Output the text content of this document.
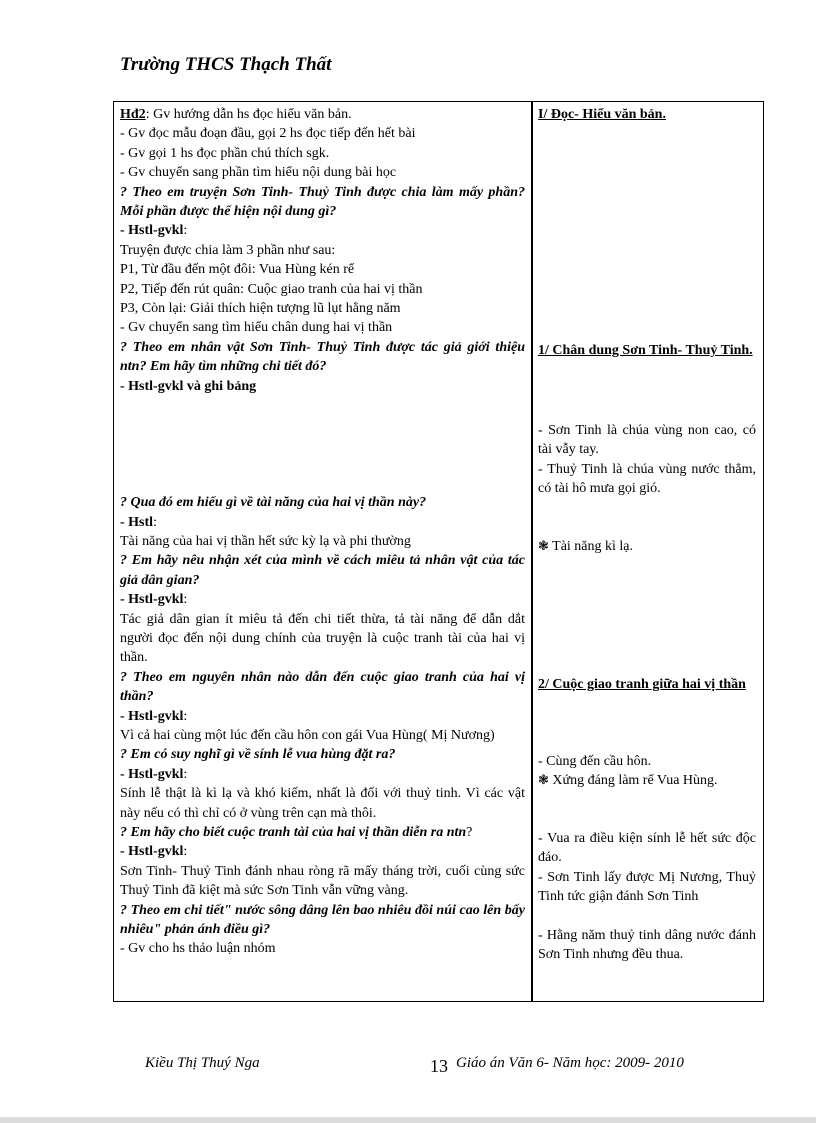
Trường THCS Thạch Thất
Hđ2: Gv hướng dẫn hs đọc hiểu văn bản.
- Gv đọc mẫu đoạn đầu, gọi 2 hs đọc tiếp đến hết bài
- Gv gọi 1 hs đọc phần chú thích sgk.
- Gv chuyển sang phần tìm hiểu nội dung bài học
? Theo em truyện Sơn Tinh- Thuỷ Tinh được chia làm mấy phần? Mỗi phần được thể hiện nội dung gì?
- Hstl-gvkl:
Truyện được chia làm 3 phần như sau:
P1, Từ đầu đến một đôi: Vua Hùng kén rể
P2, Tiếp đến rút quân: Cuộc giao tranh của hai vị thần
P3, Còn lại: Giải thích hiện tượng lũ lụt hằng năm
- Gv chuyển sang tìm hiểu chân dung hai vị thần
? Theo em nhân vật Sơn Tinh- Thuỷ Tinh được tác giả giới thiệu ntn? Em hãy tìm những chi tiết đó?
- Hstl-gvkl và ghi bảng
? Qua đó em hiểu gì về tài năng của hai vị thần này?
- Hstl:
Tài năng của hai vị thần hết sức kỳ lạ và phi thường
? Em hãy nêu nhận xét của mình về cách miêu tả nhân vật của tác giả dân gian?
- Hstl-gvkl:
Tác giả dân gian ít miêu tả đến chi tiết thừa, tả tài năng để dẫn dắt người đọc đến nội dung chính của truyện là cuộc tranh tài của hai vị thần.
? Theo em nguyên nhân nào dẫn đến cuộc giao tranh của hai vị thần?
- Hstl-gvkl:
Vì cả hai cùng một lúc đến cầu hôn con gái Vua Hùng( Mị Nương)
? Em có suy nghĩ gì về sính lễ vua hùng đặt ra?
- Hstl-gvkl:
Sính lễ thật là kì lạ và khó kiếm, nhất là đối với thuỷ tinh. Vì các vật này nếu có thì chỉ có ở vùng trên cạn mà thôi.
? Em hãy cho biết cuộc tranh tài của hai vị thần diễn ra ntn?
- Hstl-gvkl:
Sơn Tinh- Thuỷ Tinh đánh nhau ròng rã mấy tháng trời, cuối cùng sức Thuỷ Tinh đã kiệt mà sức Sơn Tinh vẫn vững vàng.
? Theo em chi tiết" nước sông dâng lên bao nhiêu đồi núi cao lên bấy nhiêu" phản ánh điều gì?
- Gv cho hs thảo luận nhóm
I/ Đọc- Hiểu văn bản.
1/ Chân dung Sơn Tinh- Thuỷ Tinh.
- Sơn Tinh là chúa vùng non cao, có tài vẫy tay.
- Thuỷ Tinh là chúa vùng nước thẳm, có tài hô mưa gọi gió.
❃ Tài năng kì lạ.
2/ Cuộc giao tranh giữa hai vị thần
- Cùng đến cầu hôn.
❃ Xứng đáng làm rể Vua Hùng.
- Vua ra điều kiện sính lễ hết sức độc đáo.
- Sơn Tinh lấy được Mị Nương, Thuỷ Tinh tức giận đánh Sơn Tinh
- Hằng năm thuỷ tinh dâng nước đánh Sơn Tinh nhưng đều thua.
Kiều Thị Thuý Nga	13 Giáo án Văn 6- Năm học: 2009- 2010
